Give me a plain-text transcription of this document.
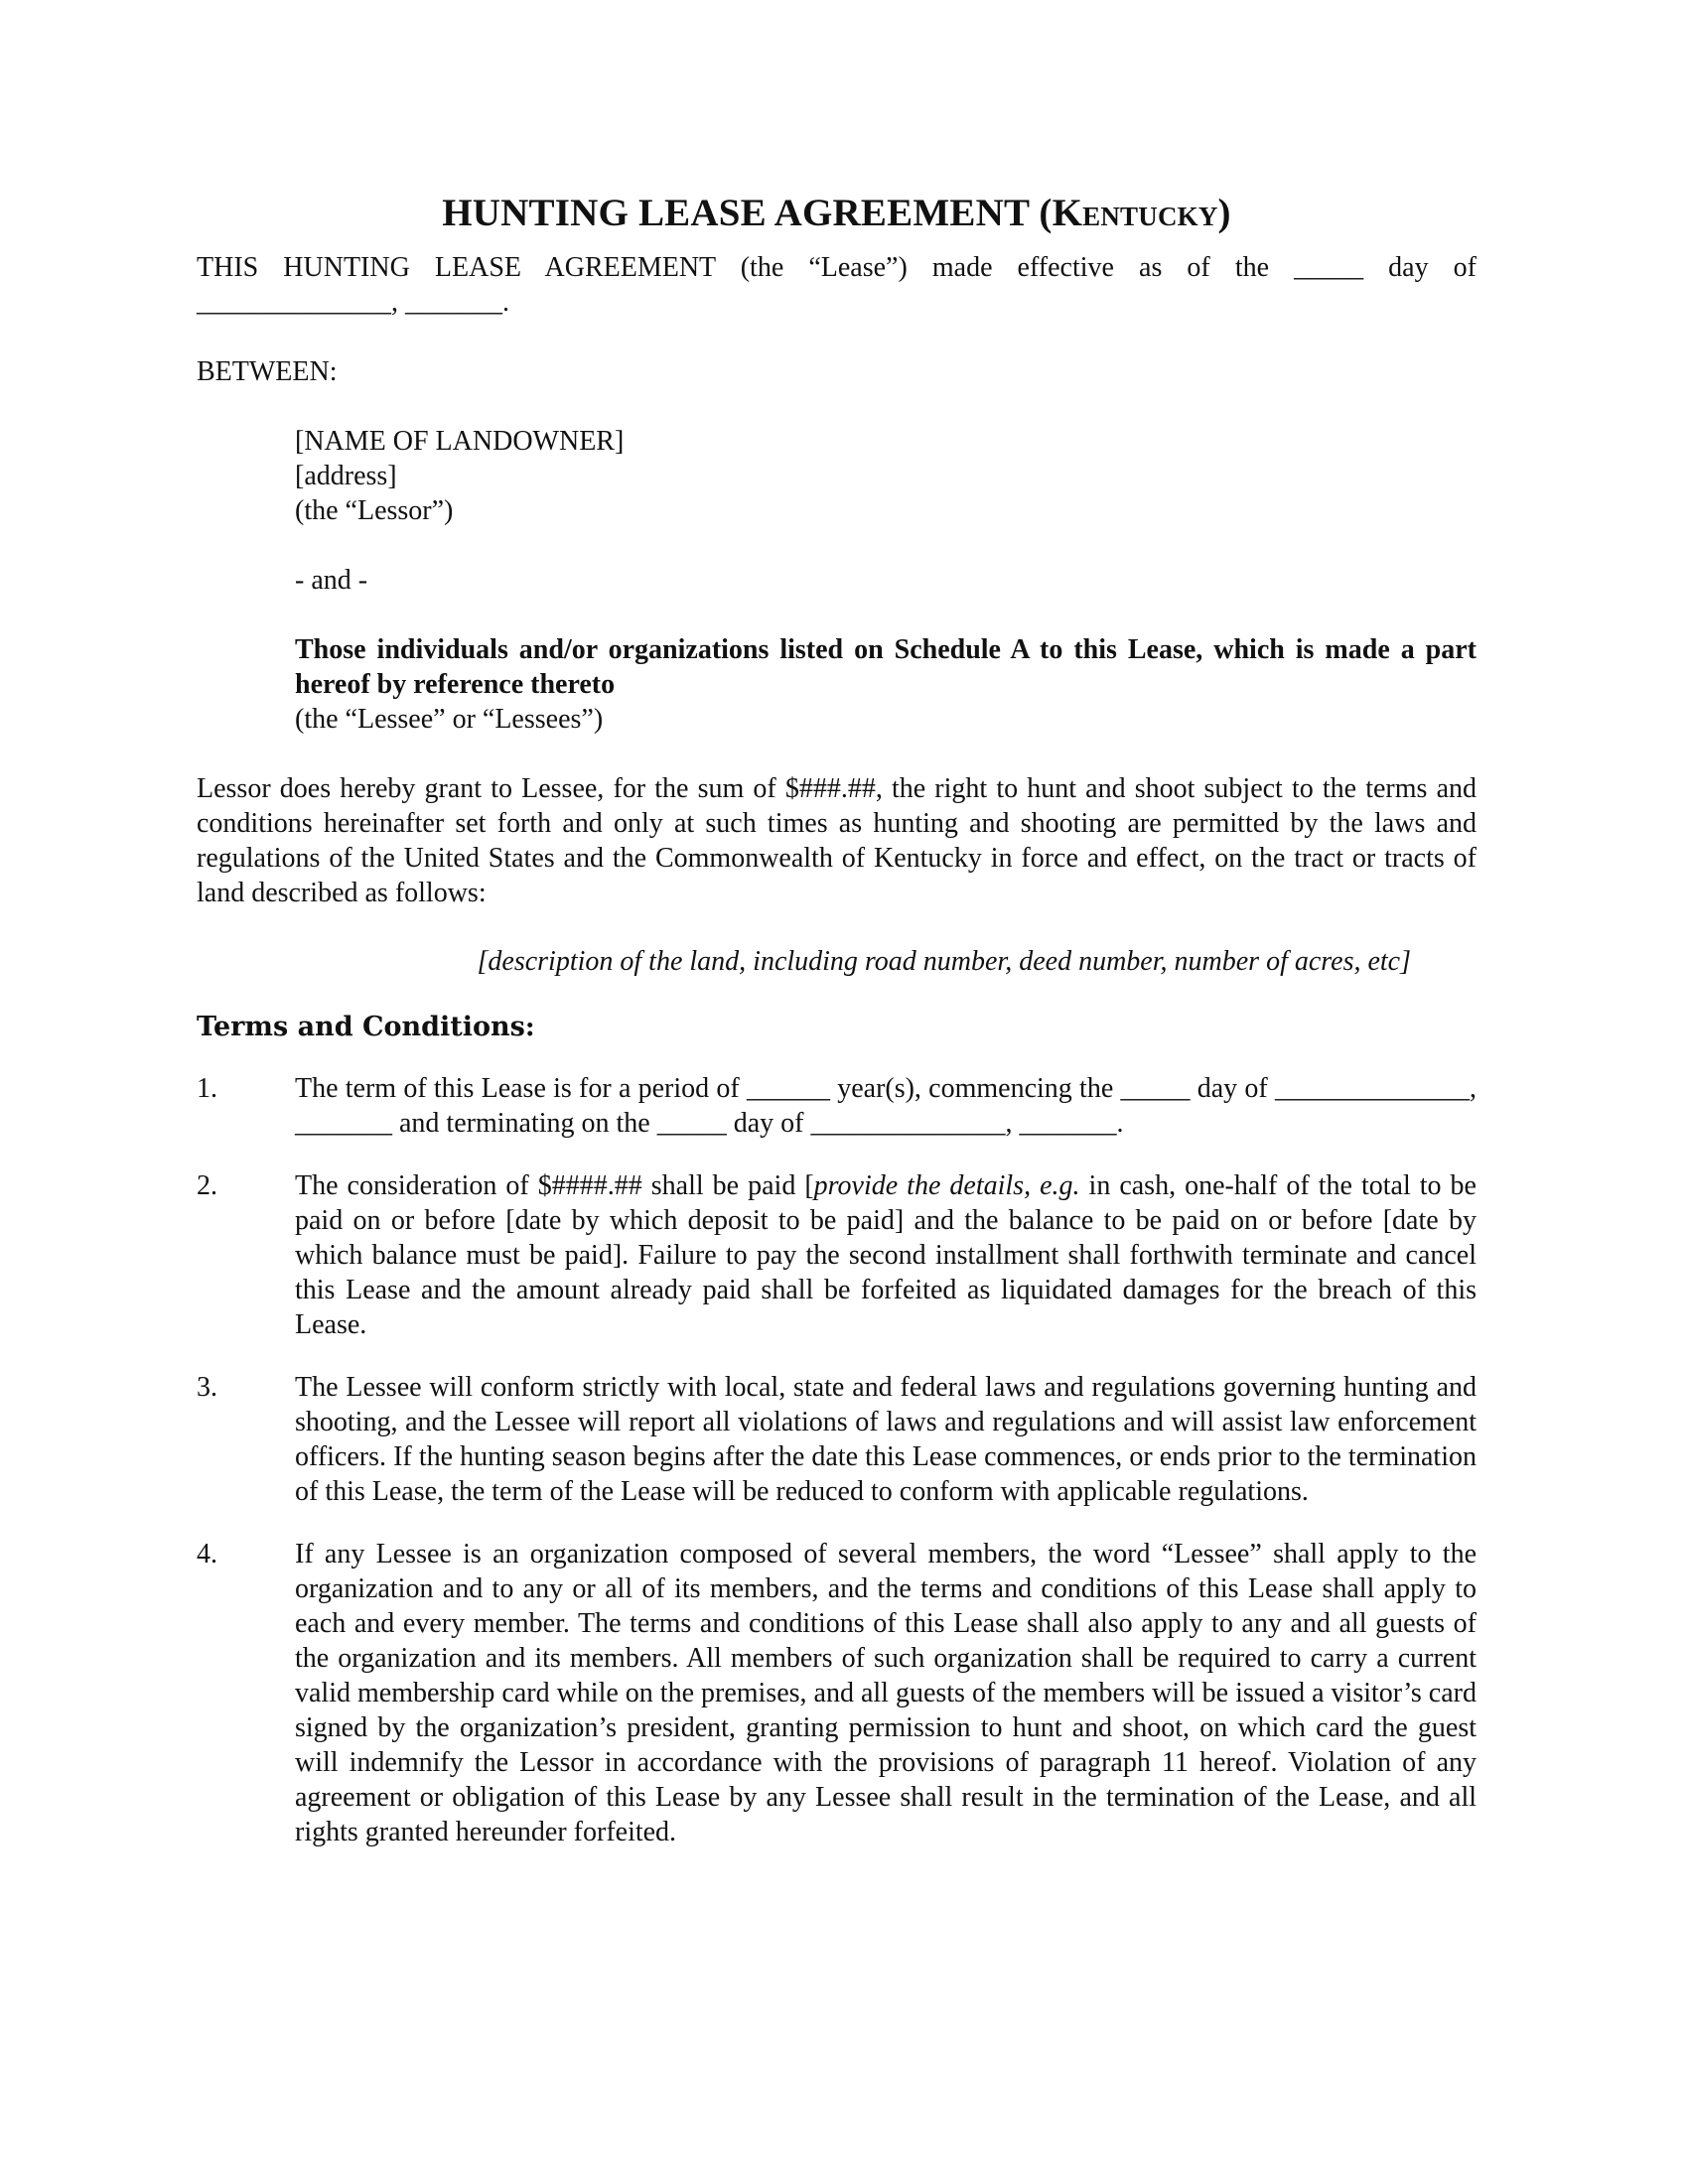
HUNTING LEASE AGREEMENT (Kentucky)

THIS HUNTING LEASE AGREEMENT (the “Lease”) made effective as of the _____ day of

______________, _______.

BETWEEN:

[NAME OF LANDOWNER]

[address]

(the “Lessor”)

- and -

Those individuals and/or organizations listed on Schedule A to this Lease, which is made a part hereof by reference thereto

(the “Lessee” or “Lessees”)

Lessor does hereby grant to Lessee, for the sum of $###.##, the right to hunt and shoot subject to the terms and conditions hereinafter set forth and only at such times as hunting and shooting are permitted by the laws and regulations of the United States and the Commonwealth of Kentucky in force and effect, on the tract or tracts of land described as follows:

[description of the land, including road number, deed number, number of acres, etc]

Terms and Conditions:

1.	The term of this Lease is for a period of ______ year(s), commencing the _____ day of ______________, _______ and terminating on the _____ day of ______________, _______.

2.	The consideration of $####.## shall be paid [provide the details, e.g. in cash, one-half of the total to be paid on or before [date by which deposit to be paid] and the balance to be paid on or before [date by which balance must be paid]. Failure to pay the second installment shall forthwith terminate and cancel this Lease and the amount already paid shall be forfeited as liquidated damages for the breach of this Lease.

3.	The Lessee will conform strictly with local, state and federal laws and regulations governing hunting and shooting, and the Lessee will report all violations of laws and regulations and will assist law enforcement officers. If the hunting season begins after the date this Lease commences, or ends prior to the termination of this Lease, the term of the Lease will be reduced to conform with applicable regulations.

4.	If any Lessee is an organization composed of several members, the word “Lessee” shall apply to the organization and to any or all of its members, and the terms and conditions of this Lease shall apply to each and every member. The terms and conditions of this Lease shall also apply to any and all guests of the organization and its members. All members of such organization shall be required to carry a current valid membership card while on the premises, and all guests of the members will be issued a visitor’s card signed by the organization’s president, granting permission to hunt and shoot, on which card the guest will indemnify the Lessor in accordance with the provisions of paragraph 11 hereof. Violation of any agreement or obligation of this Lease by any Lessee shall result in the termination of the Lease, and all rights granted hereunder forfeited.
